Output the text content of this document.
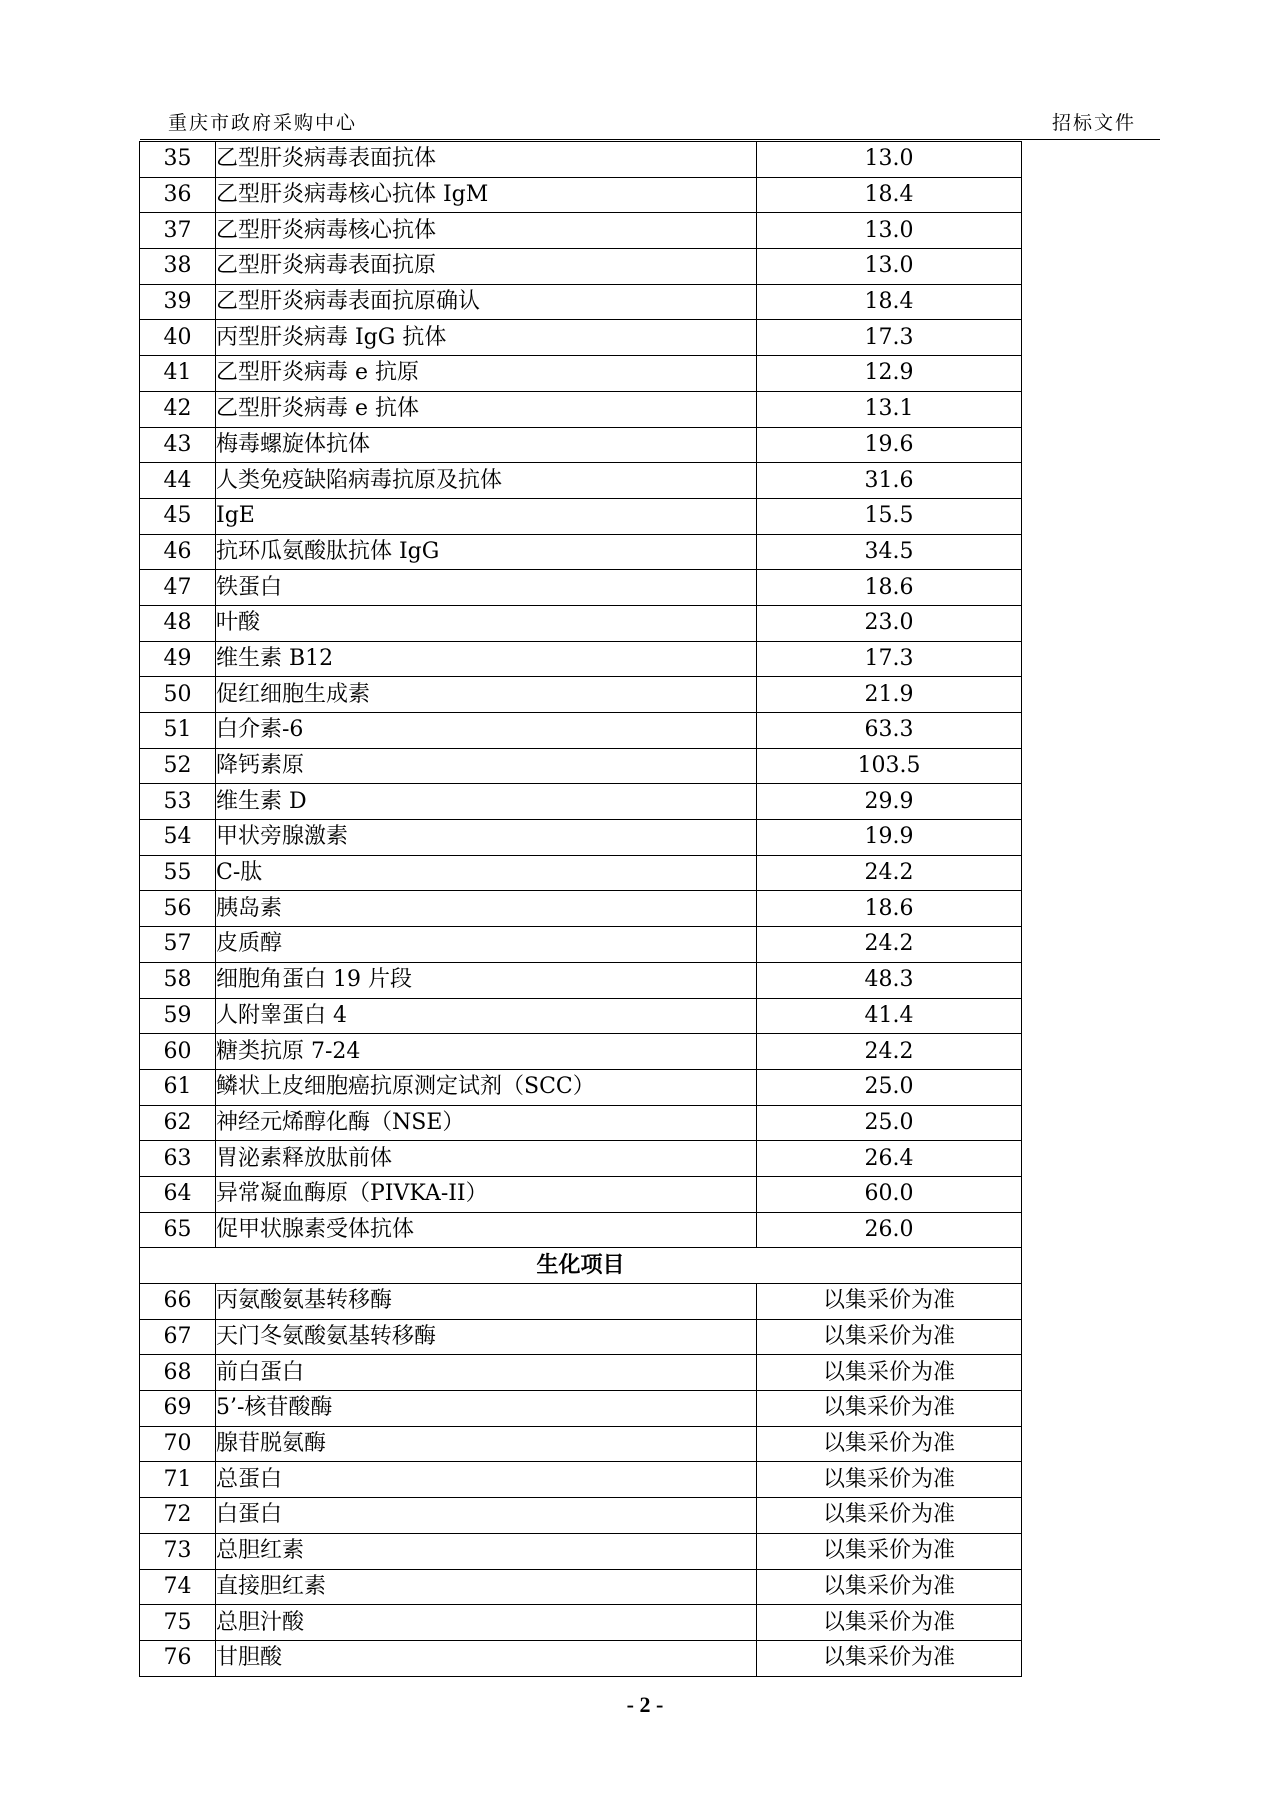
重庆市政府采购中心	招标文件
35	乙型肝炎病毒表面抗体	13.0
36	乙型肝炎病毒核心抗体 IgM	18.4
37	乙型肝炎病毒核心抗体	13.0
38	乙型肝炎病毒表面抗原	13.0
39	乙型肝炎病毒表面抗原确认	18.4
40	丙型肝炎病毒 IgG 抗体	17.3
41	乙型肝炎病毒 e 抗原	12.9
42	乙型肝炎病毒 e 抗体	13.1
43	梅毒螺旋体抗体	19.6
44	人类免疫缺陷病毒抗原及抗体	31.6
45	IgE	15.5
46	抗环瓜氨酸肽抗体 IgG	34.5
47	铁蛋白	18.6
48	叶酸	23.0
49	维生素 B12	17.3
50	促红细胞生成素	21.9
51	白介素-6	63.3
52	降钙素原	103.5
53	维生素 D	29.9
54	甲状旁腺激素	19.9
55	C-肽	24.2
56	胰岛素	18.6
57	皮质醇	24.2
58	细胞角蛋白 19 片段	48.3
59	人附睾蛋白 4	41.4
60	糖类抗原 7-24	24.2
61	鳞状上皮细胞癌抗原测定试剂（SCC）	25.0
62	神经元烯醇化酶（NSE）	25.0
63	胃泌素释放肽前体	26.4
64	异常凝血酶原（PIVKA-II）	60.0
65	促甲状腺素受体抗体	26.0
生化项目		
66	丙氨酸氨基转移酶	以集采价为准
67	天门冬氨酸氨基转移酶	以集采价为准
68	前白蛋白	以集采价为准
69	5’-核苷酸酶	以集采价为准
70	腺苷脱氨酶	以集采价为准
71	总蛋白	以集采价为准
72	白蛋白	以集采价为准
73	总胆红素	以集采价为准
74	直接胆红素	以集采价为准
75	总胆汁酸	以集采价为准
76	甘胆酸	以集采价为准
- 2 -
